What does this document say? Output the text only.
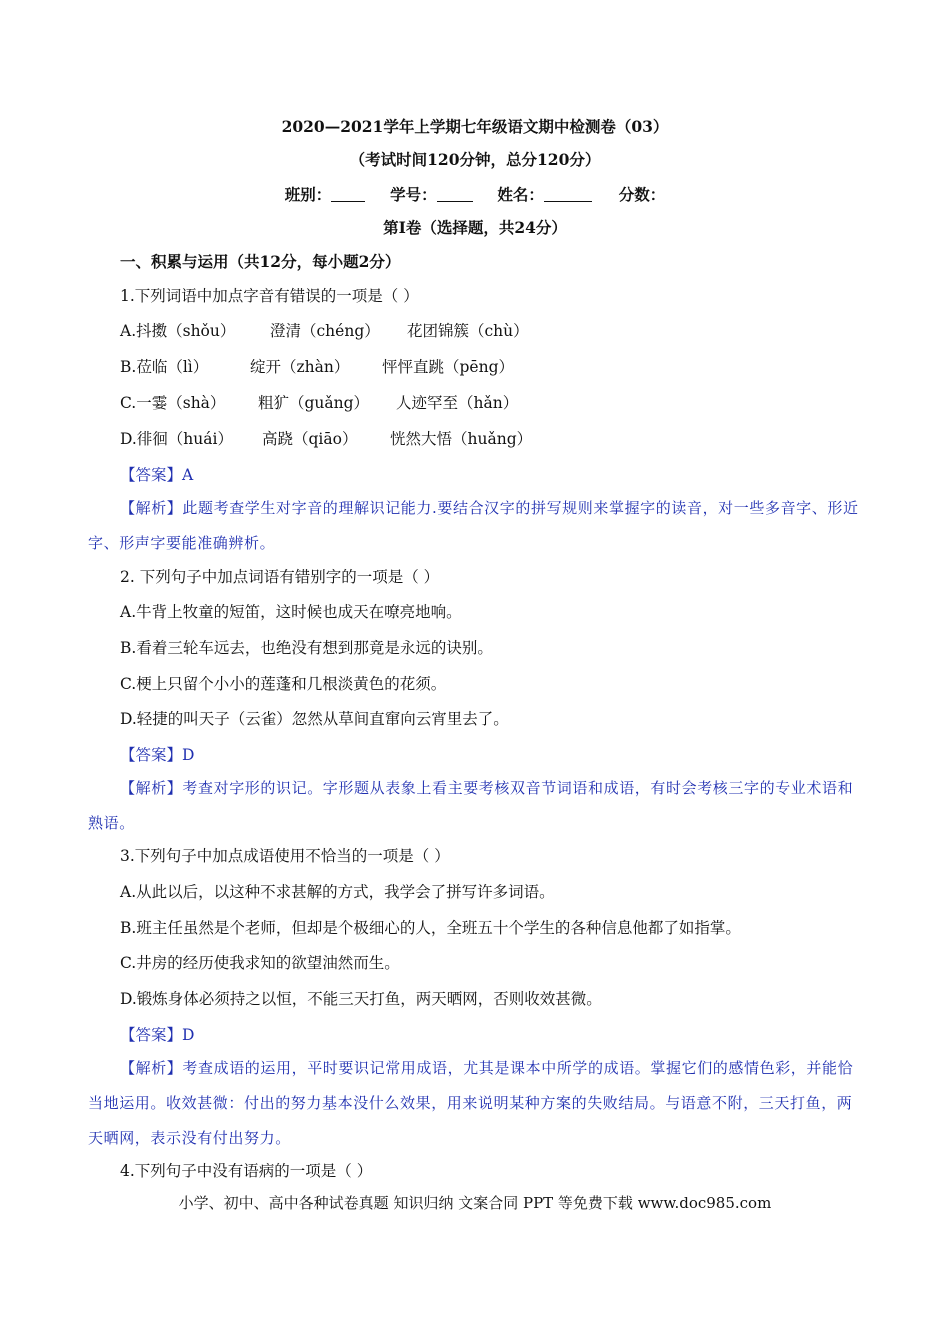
2020—2021学年上学期七年级语文期中检测卷（03）
（考试时间120分钟，总分120分）
班别：	学号：	姓名：	分数：
第Ⅰ卷（选择题，共24分）
一、积累与运用（共12分，每小题2分）
1.下列词语中加点字音有错误的一项是（ ）
A.抖擞（shǒu） 澄清（chéng） 花团锦簇（chù）
B.莅临（lì）	绽开（zhàn） 怦怦直跳（pēng）
C.一霎（shà） 粗犷（guǎng） 人迹罕至（hǎn）
D.徘徊（huái） 高跷（qiāo） 恍然大悟（huǎng）
【答案】A
【解析】此题考查学生对字音的理解识记能力.要结合汉字的拼写规则来掌握字的读音，对一些多音字、形近字、形声字要能准确辨析。
2. 下列句子中加点词语有错别字的一项是（ ）
A.牛背上牧童的短笛，这时候也成天在嘹亮地响。
B.看着三轮车远去，也绝没有想到那竟是永远的诀别。
C.梗上只留个小小的莲蓬和几根淡黄色的花须。
D.轻捷的叫天子（云雀）忽然从草间直窜向云宵里去了。
【答案】D
【解析】考查对字形的识记。字形题从表象上看主要考核双音节词语和成语，有时会考核三字的专业术语和熟语。
3.下列句子中加点成语使用不恰当的一项是（ ）
A.从此以后，以这种不求甚解的方式，我学会了拼写许多词语。
B.班主任虽然是个老师，但却是个极细心的人，全班五十个学生的各种信息他都了如指掌。
C.井房的经历使我求知的欲望油然而生。
D.锻炼身体必须持之以恒，不能三天打鱼，两天晒网，否则收效甚微。
【答案】D
【解析】考查成语的运用，平时要识记常用成语，尤其是课本中所学的成语。掌握它们的感情色彩，并能恰当地运用。收效甚微：付出的努力基本没什么效果，用来说明某种方案的失败结局。与语意不附，三天打鱼，两天晒网，表示没有付出努力。
4.下列句子中没有语病的一项是（ ）
小学、初中、高中各种试卷真题 知识归纳 文案合同 PPT 等免费下载 www.doc985.com
